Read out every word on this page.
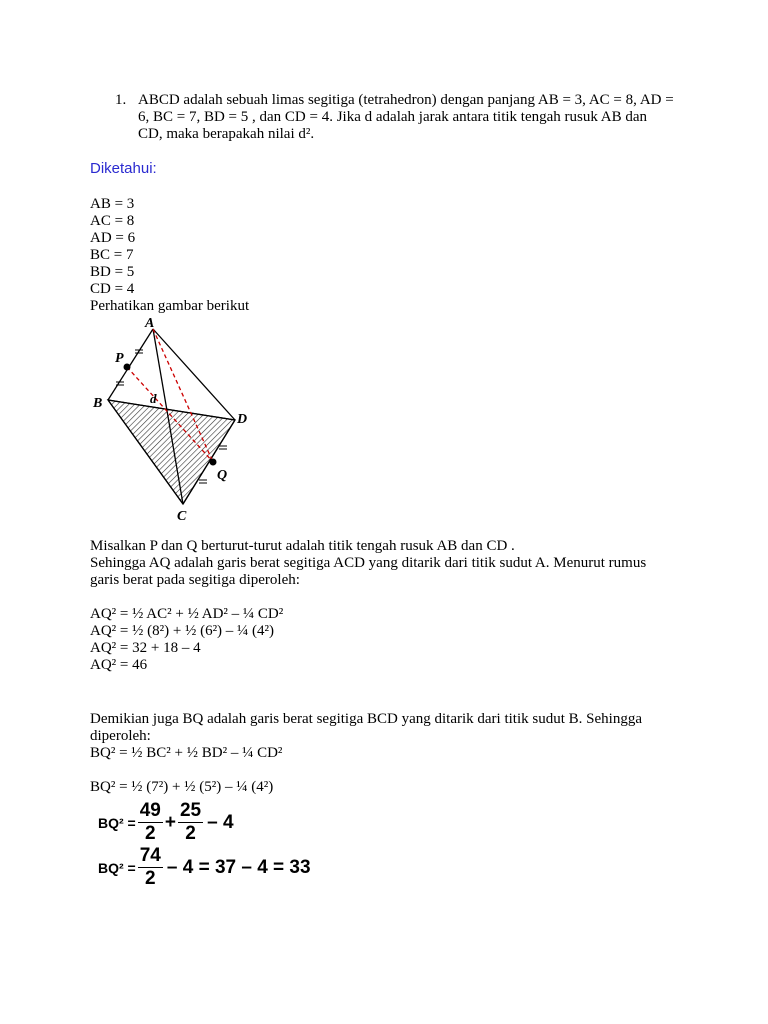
1. ABCD adalah sebuah limas segitiga (tetrahedron) dengan panjang AB = 3, AC = 8, AD =
6, BC = 7, BD = 5 , dan CD = 4. Jika d adalah jarak antara titik tengah rusuk AB dan
CD, maka berapakah nilai d².
Diketahui:
AB = 3
AC = 8
AD = 6
BC = 7
BD = 5
CD = 4
Perhatikan gambar berikut
A
P
B	d
D
Q
C
Misalkan P dan Q berturut-turut adalah titik tengah rusuk AB dan CD .
Sehingga AQ adalah garis berat segitiga ACD yang ditarik dari titik sudut A. Menurut rumus
garis berat pada segitiga diperoleh:
AQ² = ½ AC² + ½ AD² – ¼ CD²
AQ² = ½ (8²) + ½ (6²) – ¼ (4²)
AQ² = 32 + 18 – 4
AQ² = 46
Demikian juga BQ adalah garis berat segitiga BCD yang ditarik dari titik sudut B. Sehingga
diperoleh:
BQ² = ½ BC² + ½ BD² – ¼ CD²
BQ² = ½ (7²) + ½ (5²) – ¼ (4²)
$BQ^2 = \frac{49}{2} + \frac{25}{2} - 4$
$BQ^2 = \frac{74}{2} - 4 = 37 - 4 = 33$
